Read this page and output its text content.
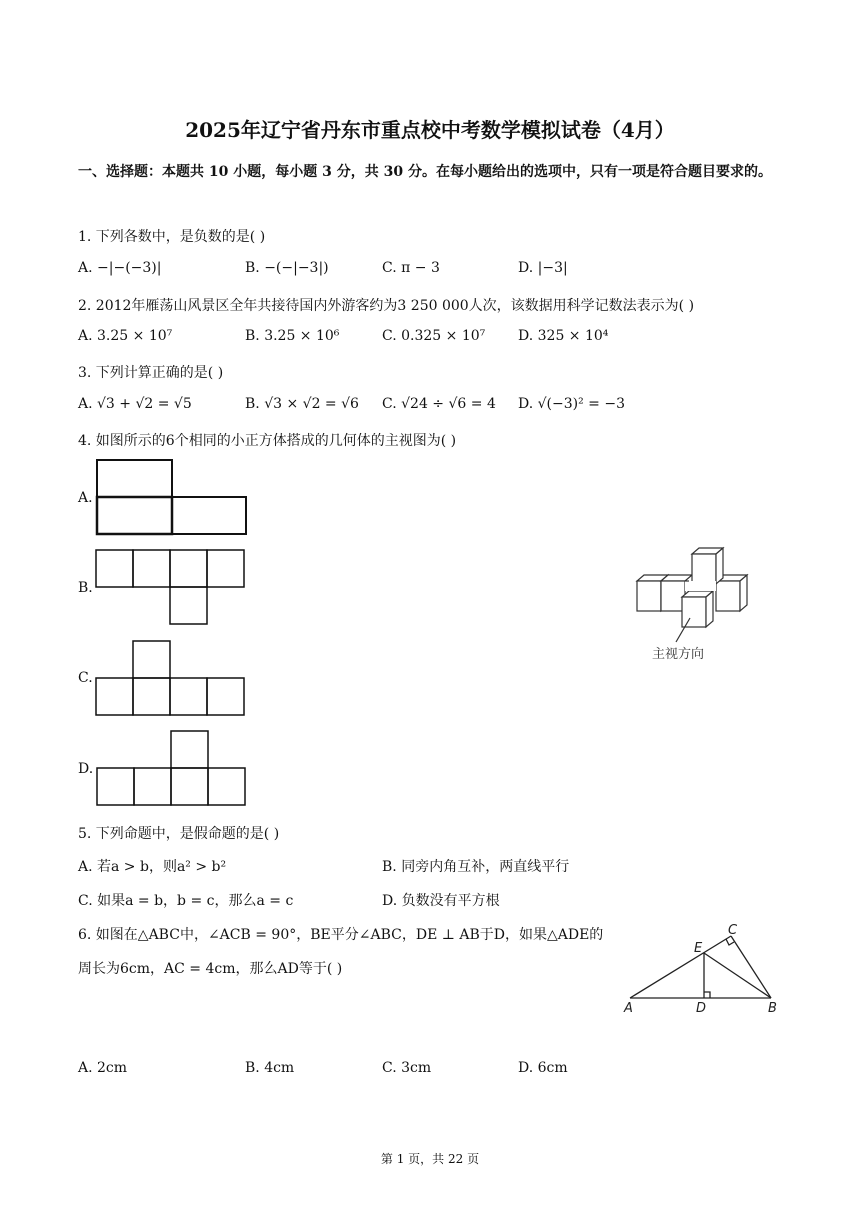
2025年辽宁省丹东市重点校中考数学模拟试卷（4月）
一、选择题：本题共 10 小题，每小题 3 分，共 30 分。在每小题给出的选项中，只有一项是符合题目要求的。
1. 下列各数中，是负数的是( )
A. −|−(−3)|	B. −(−|−3|)	C. π − 3	D. |−3|
2. 2012年雁荡山风景区全年共接待国内外游客约为3 250 000人次，该数据用科学记数法表示为( )
A. 3.25 × 10⁷	B. 3.25 × 10⁶	C. 0.325 × 10⁷ D. 325 × 10⁴
3. 下列计算正确的是( )
A. √3 + √2 = √5	B. √3 × √2 = √6 C. √24 ÷ √6 = 4 D. √(−3)² = −3
4. 如图所示的6个相同的小正方体搭成的几何体的主视图为( )
A.
B.
C.
D.
主视方向
5. 下列命题中，是假命题的是( )
A. 若a > b，则a² > b²	B. 同旁内角互补，两直线平行
C. 如果a = b，b = c，那么a = c	D. 负数没有平方根
6. 如图在△ABC中，∠ACB = 90°，BE平分∠ABC，DE ⊥ AB于D，如果△ADE的
周长为6cm，AC = 4cm，那么AD等于( )
A	B
C
D
E
A. 2cm	B. 4cm	C. 3cm	D. 6cm
第 1 页，共 22 页
